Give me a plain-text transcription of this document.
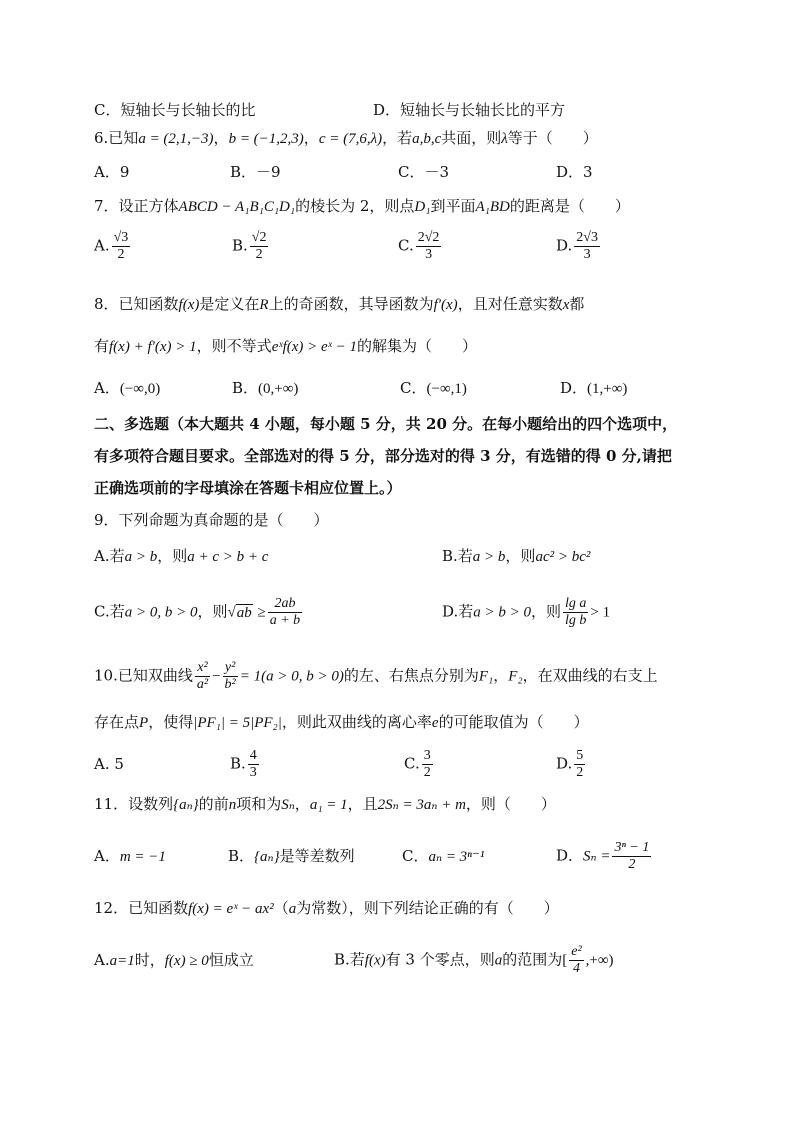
C．短轴长与长轴长的比	D．短轴长与长轴长比的平方
6.已知a = (2,1,−3)，b = (−1,2,3)，c = (7,6,λ)，若a,b,c共面，则λ等于（　　）
A．9	B．－9	C．－3	D．3
7．设正方体ABCD − A₁B₁C₁D₁的棱长为 2，则点D₁到平面A₁BD的距离是（　　）
A. $\frac{√3}{2}$	B. $\frac{√2}{2}$	C. $\frac{2√2}{3}$	D. $\frac{2√3}{3}$
8．已知函数f(x)是定义在R上的奇函数，其导函数为f′(x)，且对任意实数x都
有f(x) + f′(x) > 1，则不等式eˣf(x) > eˣ − 1的解集为（　　）
A．(−∞,0)	B．(0,+∞)	C．(−∞,1)	D．(1,+∞)
二、多选题（本大题共 4 小题，每小题 5 分，共 20 分。在每小题给出的四个选项中，
有多项符合题目要求。全部选对的得 5 分，部分选对的得 3 分，有选错的得 0 分,请把
正确选项前的字母填涂在答题卡相应位置上。）
9．下列命题为真命题的是（　　）
A.若a > b，则a + c > b + c	B.若a > b，则ac² > bc²
C.若a > 0, b > 0，则$√ab \ge \frac{2ab}{a + b}$	D.若a > b > 0，则 $\frac{\text{lg a}}{\text{lg b}} > 1$
10.已知双曲线 $\frac{\text{x²}}{\text{a²}} - \frac{\text{y²}}{\text{b²}} = 1(a > 0$, b > 0)的左、右焦点分别为F₁，F₂，在双曲线的右支上
存在点P，使得|PF₁| = 5|PF₂|，则此双曲线的离心率e的可能取值为（　　）
A. 5	B. $\frac{4}{3}$	C. $\frac{3}{2}$	D. $\frac{5}{2}$
11．设数列{aₙ}的前n项和为Sₙ，a₁ = 1，且2Sₙ = 3aₙ + m，则（　　）
A．m = −1	B．{aₙ}是等差数列	C．aₙ = 3ⁿ⁻¹	D．$S_n = \frac{\text{3ⁿ − 1}}{2}$
12．已知函数f(x) = eˣ − ax²（a为常数），则下列结论正确的有（　　）
A.a=1时，f(x) ≥ 0恒成立	B.若f(x)有 3 个零点，则a的范围为[ $\frac{\text{e²}}{4}$ ,+∞)
